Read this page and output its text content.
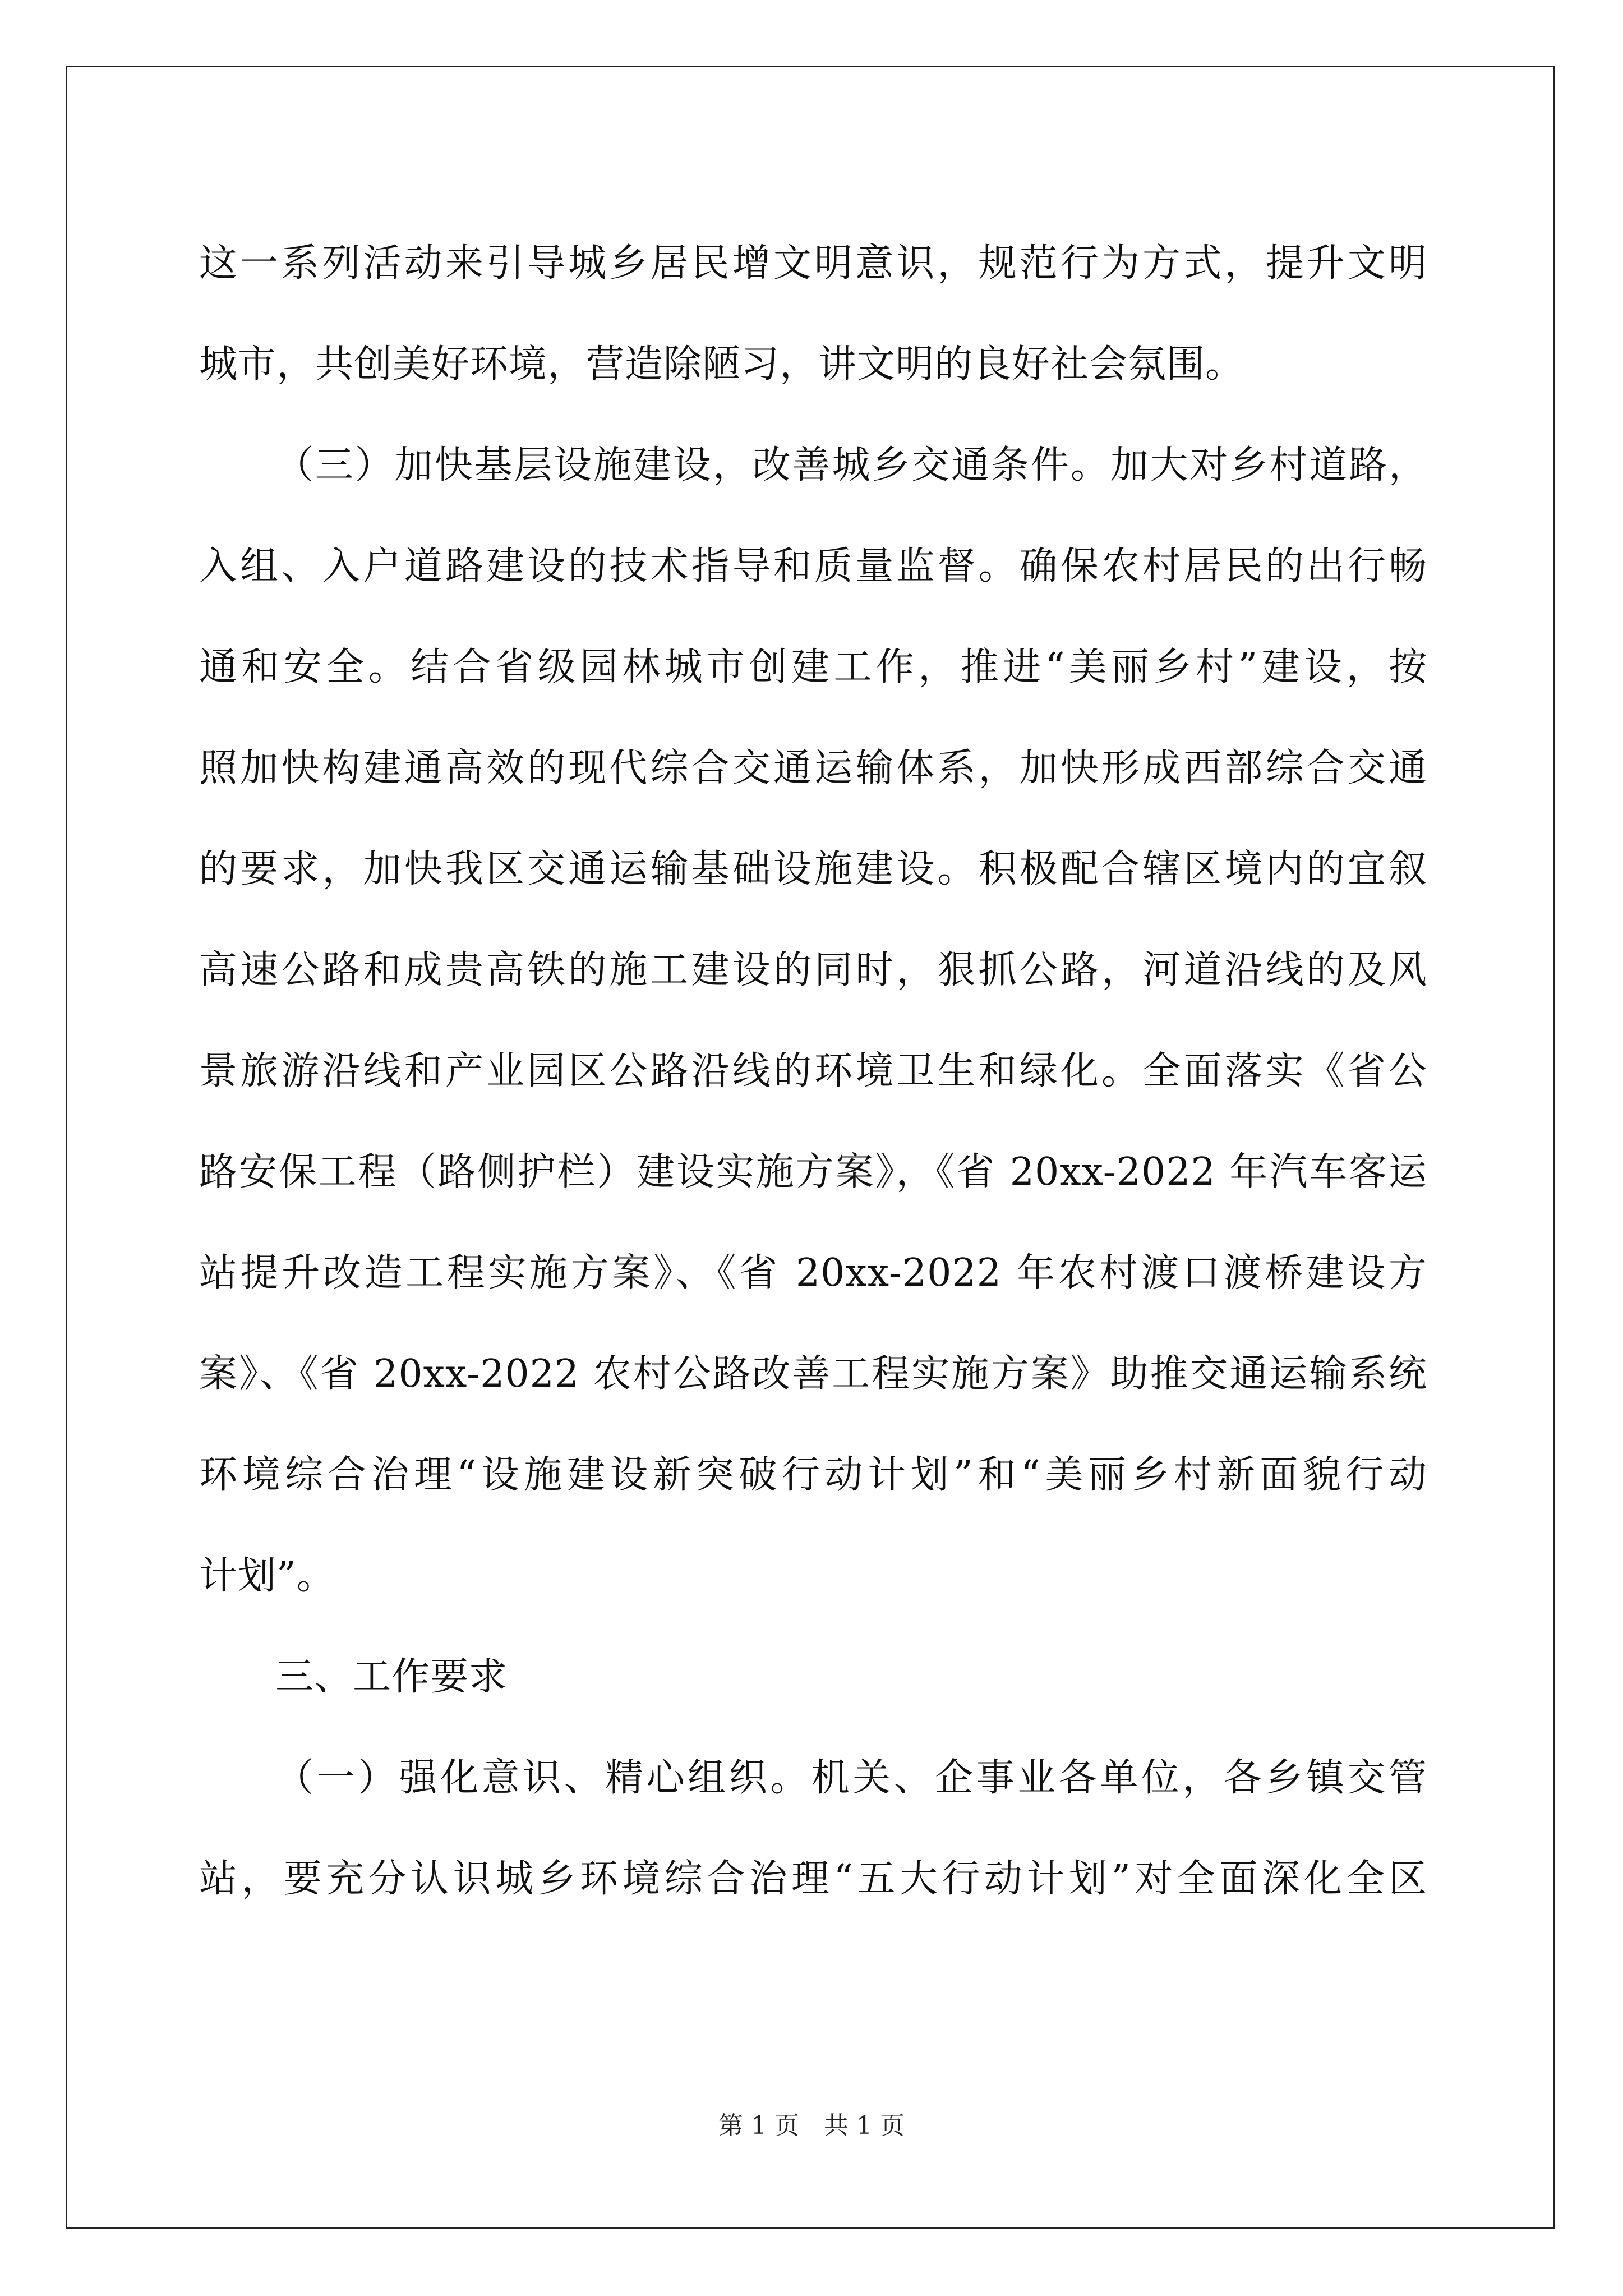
这一系列活动来引导城乡居民增文明意识，规范行为方式，提升文明
城市，共创美好环境，营造除陋习，讲文明的良好社会氛围。
（三）加快基层设施建设，改善城乡交通条件。加大对乡村道路，
入组、入户道路建设的技术指导和质量监督。确保农村居民的出行畅
通和安全。结合省级园林城市创建工作，推进“美丽乡村”建设，按
照加快构建通高效的现代综合交通运输体系，加快形成西部综合交通
的要求，加快我区交通运输基础设施建设。积极配合辖区境内的宜叙
高速公路和成贵高铁的施工建设的同时，狠抓公路，河道沿线的及风
景旅游沿线和产业园区公路沿线的环境卫生和绿化。全面落实《省公
路安保工程（路侧护栏）建设实施方案》，《省 20xx-2022 年汽车客运
站提升改造工程实施方案》、《省 20xx-2022 年农村渡口渡桥建设方
案》、《省 20xx-2022 农村公路改善工程实施方案》助推交通运输系统
环境综合治理“设施建设新突破行动计划”和“美丽乡村新面貌行动
计划”。
三、工作要求
（一）强化意识、精心组织。机关、企事业各单位，各乡镇交管
站，要充分认识城乡环境综合治理“五大行动计划”对全面深化全区
第 1 页 共 1 页
